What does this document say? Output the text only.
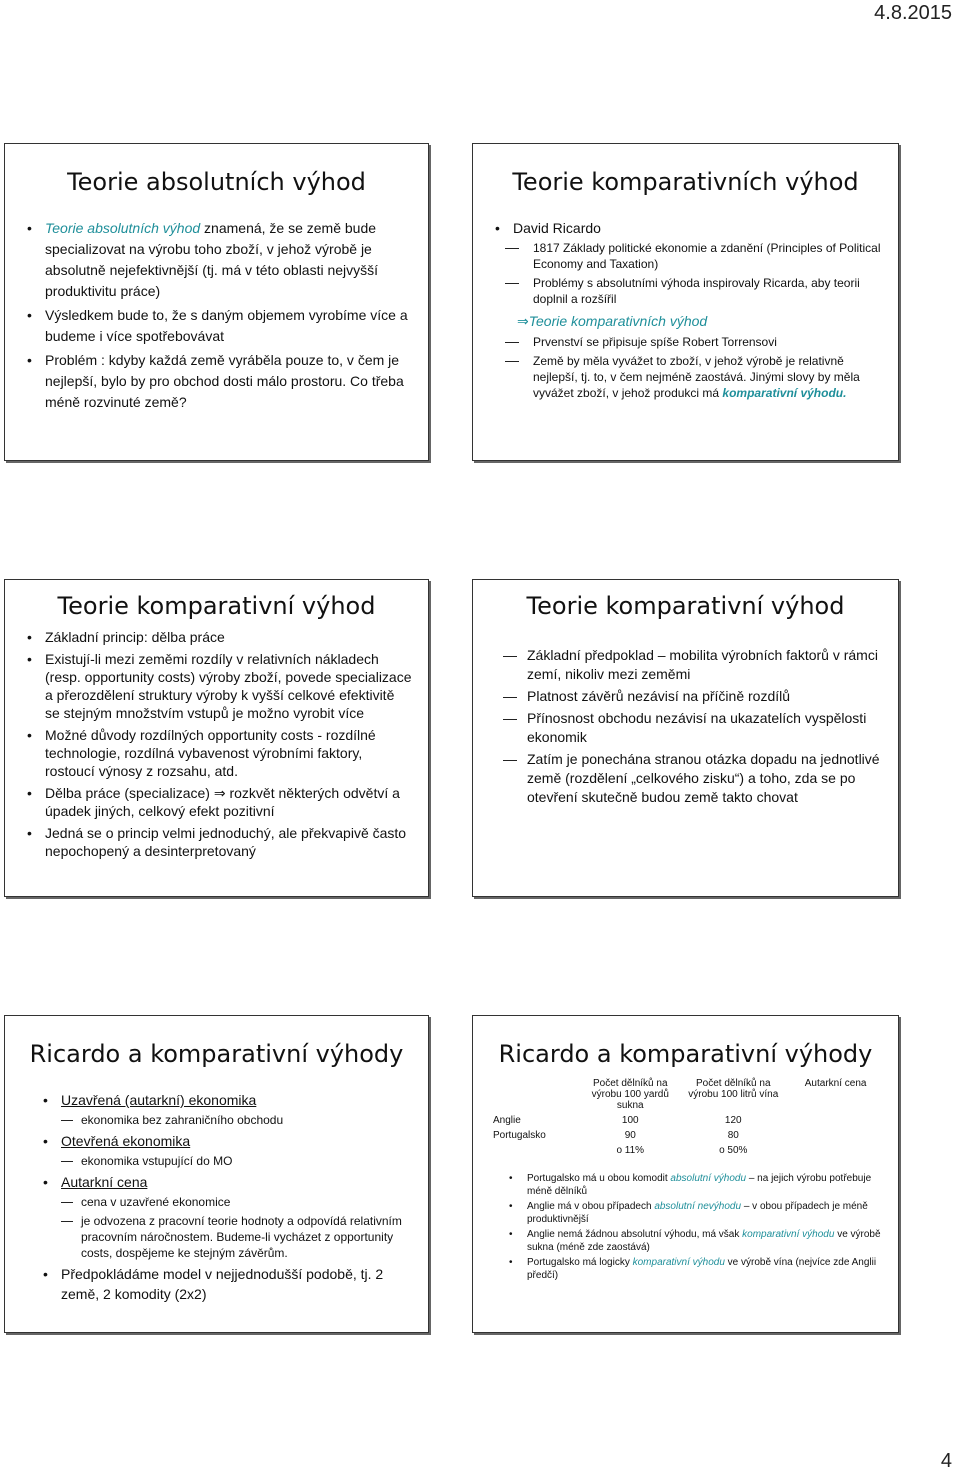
4.8.2015
Teorie absolutních výhod
• Teorie absolutních výhod znamená, že se země bude specializovat na výrobu toho zboží, v jehož výrobě je absolutně nejefektivnější (tj. má v této oblasti nejvyšší produktivitu práce)
• Výsledkem bude to, že s daným objemem vyrobíme více a budeme i více spotřebovávat
• Problém : kdyby každá země vyráběla pouze to, v čem je nejlepší, bylo by pro obchod dosti málo prostoru. Co třeba méně rozvinuté země?
Teorie komparativních výhod
• David Ricardo
1817 Základy politické ekonomie a zdanění (Principles of Political Economy and Taxation)
Problémy s absolutními výhoda inspirovaly Ricarda, aby teorii doplnil a rozšířil
⇒Teorie komparativních výhod
Prvenství se připisuje spíše Robert Torrensovi
Země by měla vyvážet to zboží, v jehož výrobě je relativně nejlepší, tj. to, v čem nejméně zaostává. Jinými slovy by měla vyvážet zboží, v jehož produkci má komparativní výhodu.
Teorie komparativní výhod
• Základní princip: dělba práce
• Existují-li mezi zeměmi rozdíly v relativních nákladech (resp. opportunity costs) výroby zboží, povede specializace a přerozdělení struktury výroby k vyšší celkové efektivitě se stejným množstvím vstupů je možno vyrobit více
• Možné důvody rozdílných opportunity costs - rozdílné technologie, rozdílná vybavenost výrobními faktory, rostoucí výnosy z rozsahu, atd.
• Dělba práce (specializace) ⇒ rozkvět některých odvětví a úpadek jiných, celkový efekt pozitivní
• Jedná se o princip velmi jednoduchý, ale překvapivě často nepochopený a desinterpretovaný
Teorie komparativní výhod
Základní předpoklad – mobilita výrobních faktorů v rámci zemí, nikoliv mezi zeměmi
Platnost závěrů nezávisí na příčině rozdílů
Přínosnost obchodu nezávisí na ukazatelích vyspělosti ekonomik
Zatím je ponechána stranou otázka dopadu na jednotlivé země (rozdělení „celkového zisku“) a toho, zda se po otevření skutečně budou země takto chovat
Ricardo a komparativní výhody
• Uzavřená (autarkní) ekonomika
ekonomika bez zahraničního obchodu
• Otevřená ekonomika
ekonomika vstupující do MO
• Autarkní cena
cena v uzavřené ekonomice
je odvozena z pracovní teorie hodnoty a odpovídá relativním pracovním náročnostem. Budeme-li vycházet z opportunity costs, dospějeme ke stejným závěrům.
• Předpokládáme model v nejjednodušší podobě, tj. 2 země, 2 komodity (2x2)
Ricardo a komparativní výhody
	Počet dělníků na výrobu 100 yardů sukna	Počet dělníků na výrobu 100 litrů vína	Autarkní cena
Anglie	100	120	
Portugalsko	90	80	
	o 11%	o 50%	
• Portugalsko má u obou komodit absolutní výhodu – na jejich výrobu potřebuje méně dělníků
• Anglie má v obou případech absolutní nevýhodu – v obou případech je méně produktivnější
• Anglie nemá žádnou absolutní výhodu, má však komparativní výhodu ve výrobě sukna (méně zde zaostává)
• Portugalsko má logicky komparativní výhodu ve výrobě vína (nejvíce zde Anglii předčí)
4
